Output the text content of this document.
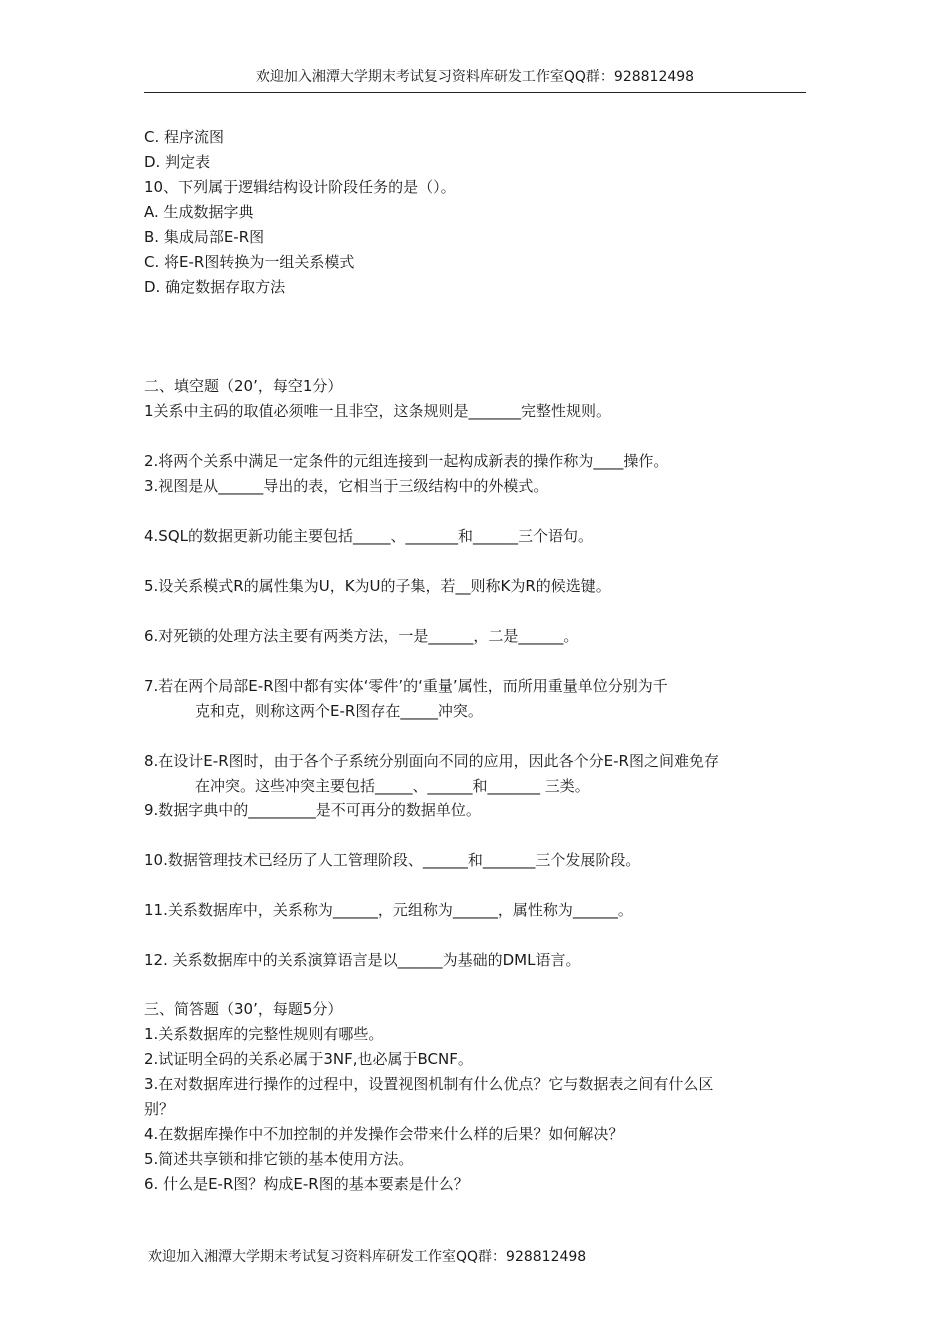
欢迎加入湘潭大学期末考试复习资料库研发工作室QQ群：928812498
C. 程序流图
D. 判定表
10、下列属于逻辑结构设计阶段任务的是（）。
A. 生成数据字典
B. 集成局部E-R图
C. 将E-R图转换为一组关系模式
D. 确定数据存取方法
二、填空题（20’，每空1分）
1关系中主码的取值必须唯一且非空，这条规则是_______完整性规则。
2.将两个关系中满足一定条件的元组连接到一起构成新表的操作称为____操作。
3.视图是从______导出的表，它相当于三级结构中的外模式。
4.SQL的数据更新功能主要包括_____、_______和______三个语句。
5.设关系模式R的属性集为U，K为U的子集，若__则称K为R的候选键。
6.对死锁的处理方法主要有两类方法，一是______，二是______。
7.若在两个局部E-R图中都有实体‘零件’的‘重量’属性，而所用重量单位分别为千
克和克，则称这两个E-R图存在_____冲突。
8.在设计E-R图时，由于各个子系统分别面向不同的应用，因此各个分E-R图之间难免存
在冲突。这些冲突主要包括_____、______和_______ 三类。
9.数据字典中的_________是不可再分的数据单位。
10.数据管理技术已经历了人工管理阶段、______和_______三个发展阶段。
11.关系数据库中，关系称为______，元组称为______，属性称为______。
12. 关系数据库中的关系演算语言是以______为基础的DML语言。
三、简答题（30’，每题5分）
1.关系数据库的完整性规则有哪些。
2.试证明全码的关系必属于3NF,也必属于BCNF。
3.在对数据库进行操作的过程中，设置视图机制有什么优点？它与数据表之间有什么区
别？
4.在数据库操作中不加控制的并发操作会带来什么样的后果？如何解决？
5.简述共享锁和排它锁的基本使用方法。
6. 什么是E-R图？构成E-R图的基本要素是什么？
欢迎加入湘潭大学期末考试复习资料库研发工作室QQ群：928812498
